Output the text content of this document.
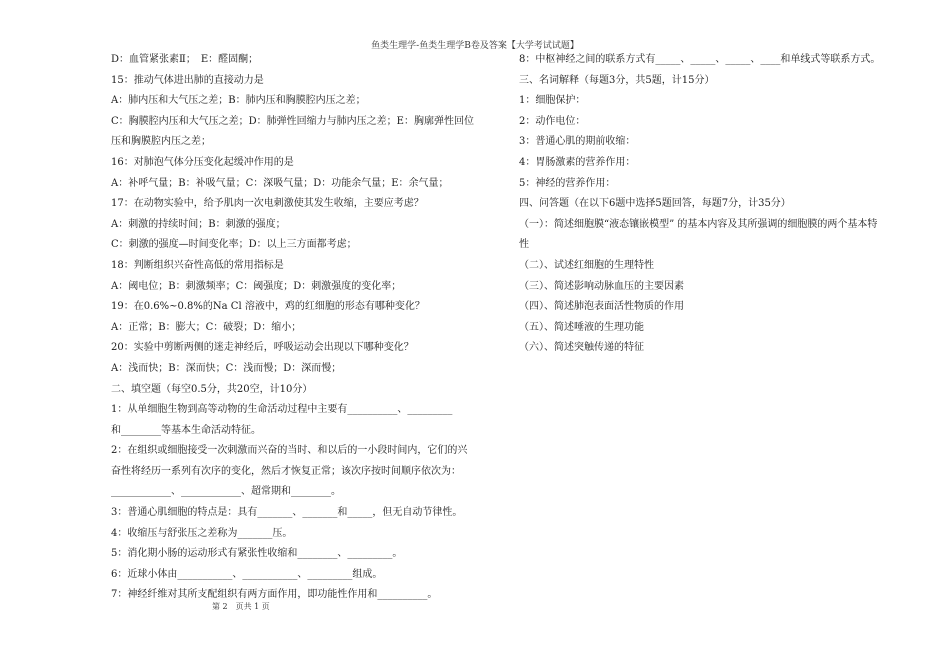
鱼类生理学-鱼类生理学B卷及答案【大学考试试题】
D：血管紧张素Ⅱ；　E：醛固酮；
15：推动气体进出肺的直接动力是
A：肺内压和大气压之差；B：肺内压和胸膜腔内压之差；
C：胸膜腔内压和大气压之差；D：肺弹性回缩力与肺内压之差；E：胸廓弹性回位
压和胸膜腔内压之差；
16：对肺泡气体分压变化起缓冲作用的是
A：补呼气量；B：补吸气量；C：深吸气量；D：功能余气量；E：余气量；
17：在动物实验中，给予肌肉一次电刺激使其发生收缩，主要应考虑？
A：刺激的持续时间；B：刺激的强度；
C：刺激的强度—时间变化率；D：以上三方面都考虑；
18：判断组织兴奋性高低的常用指标是
A：阈电位；B：刺激频率；C：阈强度；D：刺激强度的变化率；
19：在0.6%~0.8%的Na Cl 溶液中，鸡的红细胞的形态有哪种变化？
A：正常；B：膨大；C：破裂；D：缩小；
20：实验中剪断两侧的迷走神经后，呼吸运动会出现以下哪种变化？
A：浅而快；B：深而快；C：浅而慢；D：深而慢；
二、填空题（每空0.5分，共20空，计10分）
1：从单细胞生物到高等动物的生命活动过程中主要有__________、_________
和________等基本生命活动特征。
2：在组织或细胞接受一次刺激而兴奋的当时、和以后的一小段时间内，它们的兴
奋性将经历一系列有次序的变化，然后才恢复正常；该次序按时间顺序依次为：
____________、____________、超常期和________。
3：普通心肌细胞的特点是：具有_______、_______和_____，但无自动节律性。
4：收缩压与舒张压之差称为_______压。
5：消化期小肠的运动形式有紧张性收缩和________、_________。
6：近球小体由___________、___________、_________组成。
7：神经纤维对其所支配组织有两方面作用，即功能性作用和__________。
8：中枢神经之间的联系方式有_____、_____、_____、____和单线式等联系方式。
三、名词解释（每题3分，共5题，计15分）
1：细胞保护：
2：动作电位：
3：普通心肌的期前收缩：
4：胃肠激素的营养作用：
5：神经的营养作用：
四、问答题（在以下6题中选择5题回答，每题7分，计35分）
（一）：简述细胞膜“液态镶嵌模型” 的基本内容及其所强调的细胞膜的两个基本特
性
（二）、试述红细胞的生理特性
（三）、简述影响动脉血压的主要因素
（四）、简述肺泡表面活性物质的作用
（五）、简述唾液的生理功能
（六）、简述突触传递的特征
第 2　页共 1 页
